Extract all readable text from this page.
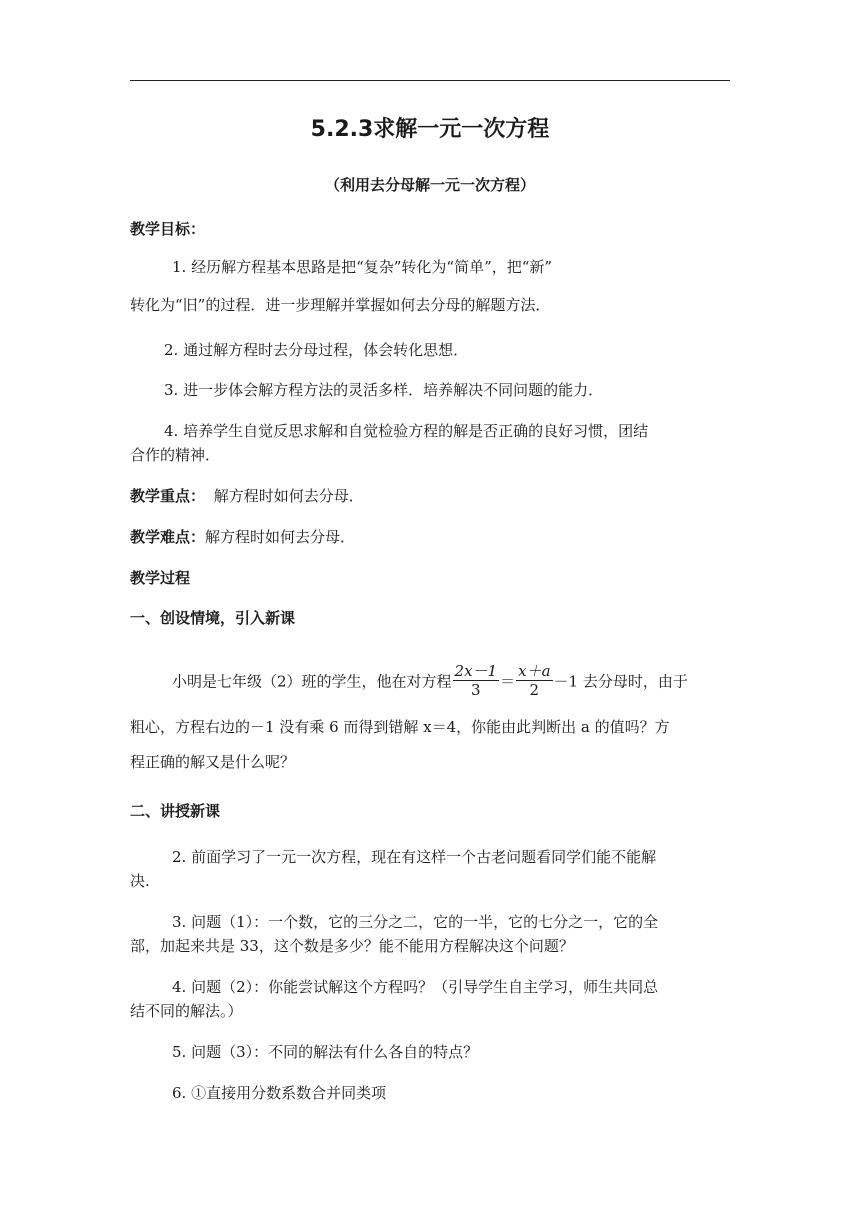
5.2.3求解一元一次方程
（利用去分母解一元一次方程）
教学目标：
1. 经历解方程基本思路是把“复杂”转化为“简单”，把“新”
转化为“旧”的过程．进一步理解并掌握如何去分母的解题方法．
2. 通过解方程时去分母过程，体会转化思想．
3. 进一步体会解方程方法的灵活多样．培养解决不同问题的能力．
4. 培养学生自觉反思求解和自觉检验方程的解是否正确的良好习惯，团结
合作的精神．
教学重点： 解方程时如何去分母．
教学难点：解方程时如何去分母．
教学过程
一、创设情境，引入新课
小明是七年级（2）班的学生，他在对方程 $\frac{2x-1}{3} = \frac{x+a}{2} -1$ 去分母时，由于
粗心，方程右边的－1 没有乘 6 而得到错解 x＝4，你能由此判断出 a 的值吗？方
程正确的解又是什么呢？
二、讲授新课
2. 前面学习了一元一次方程，现在有这样一个古老问题看同学们能不能解
决.
3. 问题（1）：一个数，它的三分之二，它的一半，它的七分之一，它的全
部，加起来共是 33，这个数是多少？能不能用方程解决这个问题？
4. 问题（2）：你能尝试解这个方程吗？（引导学生自主学习，师生共同总
结不同的解法。）
5. 问题（3）：不同的解法有什么各自的特点？
6. ①直接用分数系数合并同类项
